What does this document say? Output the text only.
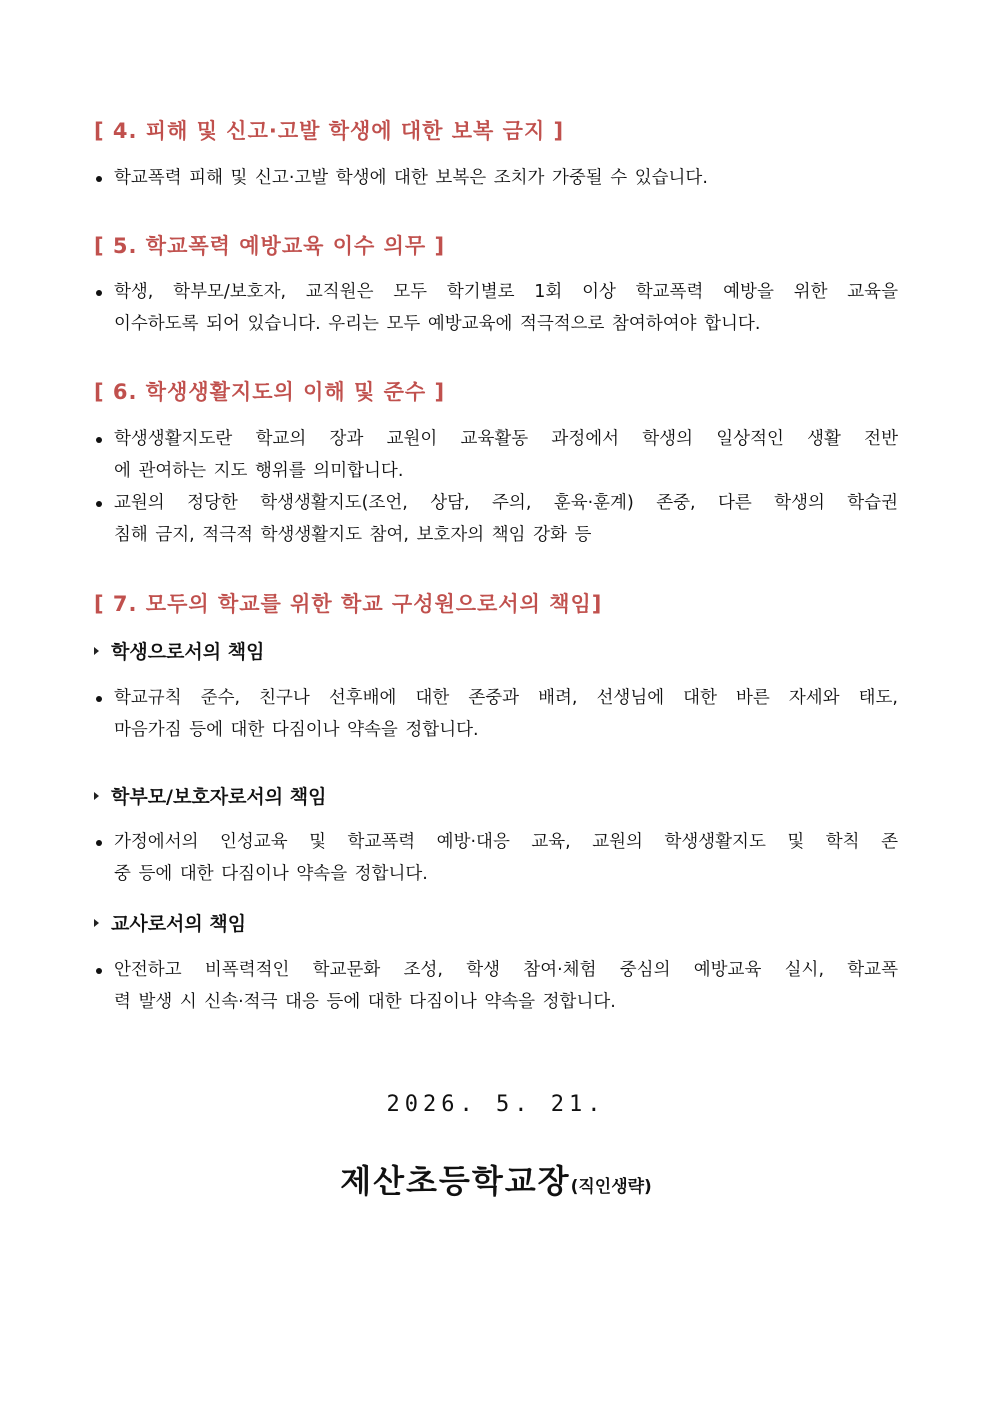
[ 4. 피해 및 신고·고발 학생에 대한 보복 금지 ]
학교폭력 피해 및 신고·고발 학생에 대한 보복은 조치가 가중될 수 있습니다.
[ 5. 학교폭력 예방교육 이수 의무 ]
학생, 학부모/보호자, 교직원은 모두 학기별로 1회 이상 학교폭력 예방을 위한 교육을
이수하도록 되어 있습니다. 우리는 모두 예방교육에 적극적으로 참여하여야 합니다.
[ 6. 학생생활지도의 이해 및 준수 ]
학생생활지도란 학교의 장과 교원이 교육활동 과정에서 학생의 일상적인 생활 전반
에 관여하는 지도 행위를 의미합니다.
교원의 정당한 학생생활지도(조언, 상담, 주의, 훈육·훈계) 존중, 다른 학생의 학습권
침해 금지, 적극적 학생생활지도 참여, 보호자의 책임 강화 등
[ 7. 모두의 학교를 위한 학교 구성원으로서의 책임]
학생으로서의 책임
학교규칙 준수, 친구나 선후배에 대한 존중과 배려, 선생님에 대한 바른 자세와 태도,
마음가짐 등에 대한 다짐이나 약속을 정합니다.
학부모/보호자로서의 책임
가정에서의 인성교육 및 학교폭력 예방·대응 교육, 교원의 학생생활지도 및 학칙 존
중 등에 대한 다짐이나 약속을 정합니다.
교사로서의 책임
안전하고 비폭력적인 학교문화 조성, 학생 참여·체험 중심의 예방교육 실시, 학교폭
력 발생 시 신속·적극 대응 등에 대한 다짐이나 약속을 정합니다.
2026. 5. 21.
제산초등학교장(직인생략)
